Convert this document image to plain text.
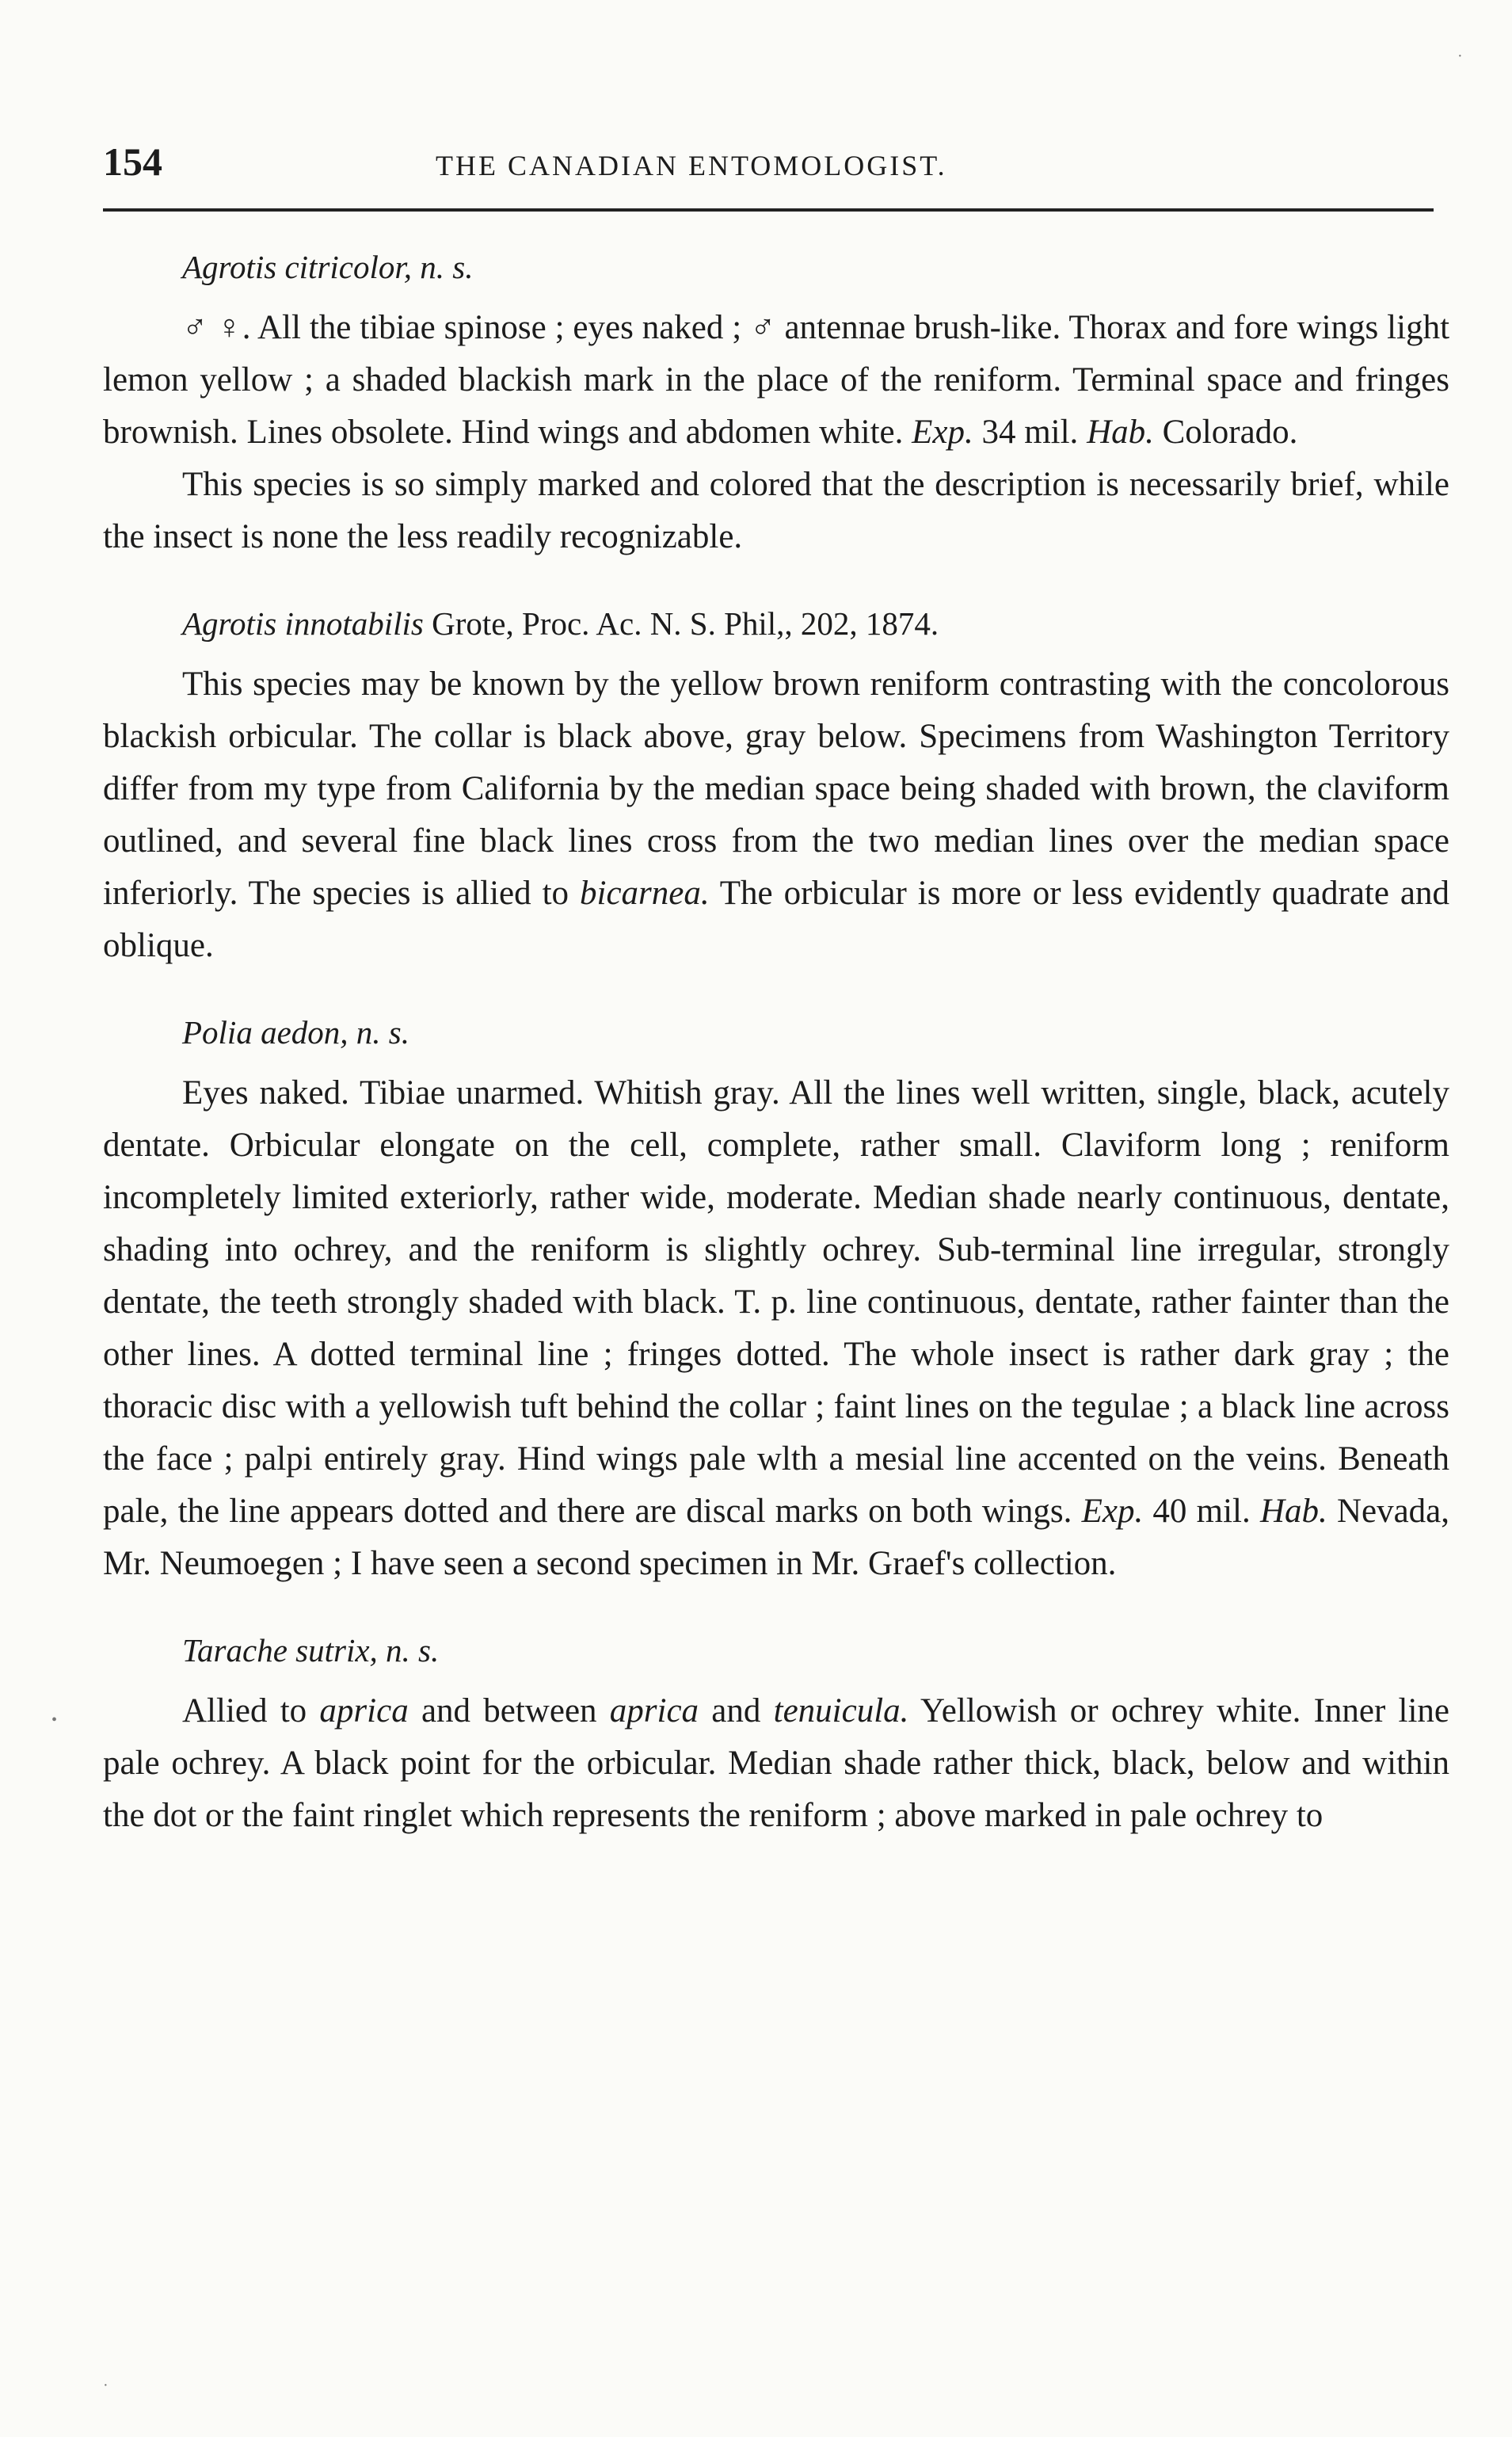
154	THE CANADIAN ENTOMOLOGIST.
Agrotis citricolor, n. s.

♂ ♀. All the tibiae spinose ; eyes naked ; ♂ antennae brush-like. Thorax and fore wings light lemon yellow ; a shaded blackish mark in the place of the reniform. Terminal space and fringes brownish. Lines obsolete. Hind wings and abdomen white. Exp. 34 mil. Hab. Colorado.

This species is so simply marked and colored that the description is necessarily brief, while the insect is none the less readily recognizable.

Agrotis innotabilis Grote, Proc. Ac. N. S. Phil,, 202, 1874.

This species may be known by the yellow brown reniform contrasting with the concolorous blackish orbicular. The collar is black above, gray below. Specimens from Washington Territory differ from my type from California by the median space being shaded with brown, the claviform outlined, and several fine black lines cross from the two median lines over the median space inferiorly. The species is allied to bicarnea. The orbicular is more or less evidently quadrate and oblique.

Polia aedon, n. s.

Eyes naked. Tibiae unarmed. Whitish gray. All the lines well written, single, black, acutely dentate. Orbicular elongate on the cell, complete, rather small. Claviform long ; reniform incompletely limited exteriorly, rather wide, moderate. Median shade nearly continuous, dentate, shading into ochrey, and the reniform is slightly ochrey. Sub-terminal line irregular, strongly dentate, the teeth strongly shaded with black. T. p. line continuous, dentate, rather fainter than the other lines. A dotted terminal line ; fringes dotted. The whole insect is rather dark gray ; the thoracic disc with a yellowish tuft behind the collar ; faint lines on the tegulae ; a black line across the face ; palpi entirely gray. Hind wings pale wlth a mesial line accented on the veins. Beneath pale, the line appears dotted and there are discal marks on both wings. Exp. 40 mil. Hab. Nevada, Mr. Neumoegen ; I have seen a second specimen in Mr. Graef's collection.

Tarache sutrix, n. s.

Allied to aprica and between aprica and tenuicula. Yellowish or ochrey white. Inner line pale ochrey. A black point for the orbicular. Median shade rather thick, black, below and within the dot or the faint ringlet which represents the reniform ; above marked in pale ochrey to

·
•
·
